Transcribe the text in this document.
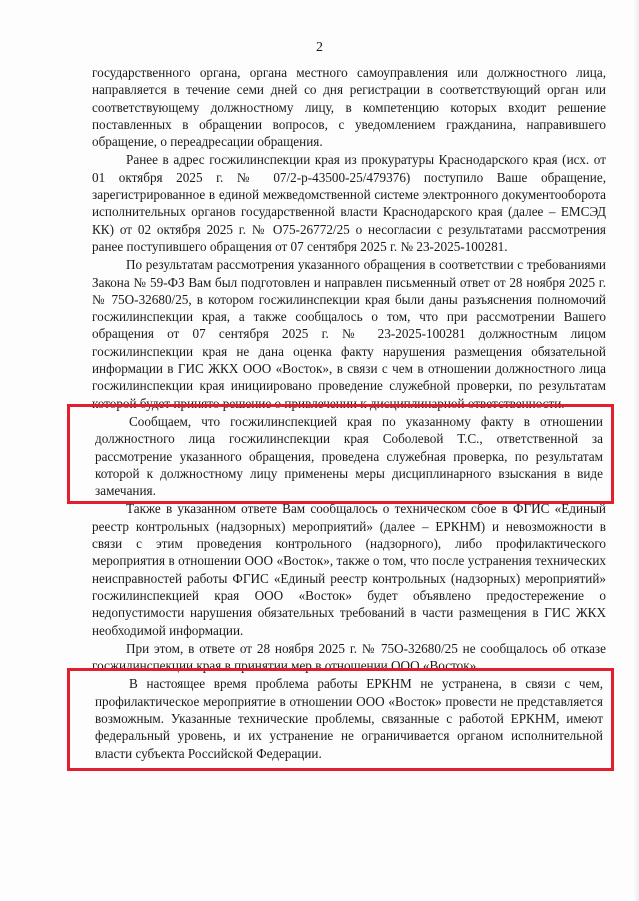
2

государственного органа, органа местного самоуправления или должностного лица, направляется в течение семи дней со дня регистрации в соответствующий орган или соответствующему должностному лицу, в компетенцию которых входит решение поставленных в обращении вопросов, с уведомлением гражданина, направившего обращение, о переадресации обращения.

Ранее в адрес госжилинспекции края из прокуратуры Краснодарского края (исх. от 01 октября 2025 г. № 07/2-р-43500-25/479376) поступило Ваше обращение, зарегистрированное в единой межведомственной системе электронного документооборота исполнительных органов государственной власти Краснодарского края (далее – ЕМСЭД КК) от 02 октября 2025 г. № О75-26772/25 о несогласии с результатами рассмотрения ранее поступившего обращения от 07 сентября 2025 г. № 23-2025-100281.

По результатам рассмотрения указанного обращения в соответствии с требованиями Закона № 59-ФЗ Вам был подготовлен и направлен письменный ответ от 28 ноября 2025 г. № 75О-32680/25, в котором госжилинспекции края были даны разъяснения полномочий госжилинспекции края, а также сообщалось о том, что при рассмотрении Вашего обращения от 07 сентября 2025 г. № 23-2025-100281 должностным лицом госжилинспекции края не дана оценка факту нарушения размещения обязательной информации в ГИС ЖКХ ООО «Восток», в связи с чем в отношении должностного лица госжилинспекции края инициировано проведение служебной проверки, по результатам которой будет принято решение о привлечении к дисциплинарной ответственности.

Сообщаем, что госжилинспекцией края по указанному факту в отношении должностного лица госжилинспекции края Соболевой Т.С., ответственной за рассмотрение указанного обращения, проведена служебная проверка, по результатам которой к должностному лицу применены меры дисциплинарного взыскания в виде замечания.

Также в указанном ответе Вам сообщалось о техническом сбое в ФГИС «Единый реестр контрольных (надзорных) мероприятий» (далее – ЕРКНМ) и невозможности в связи с этим проведения контрольного (надзорного), либо профилактического мероприятия в отношении ООО «Восток», также о том, что после устранения технических неисправностей работы ФГИС «Единый реестр контрольных (надзорных) мероприятий» госжилинспекцией края ООО «Восток» будет объявлено предостережение о недопустимости нарушения обязательных требований в части размещения в ГИС ЖКХ необходимой информации.

При этом, в ответе от 28 ноября 2025 г. № 75О-32680/25 не сообщалось об отказе госжилинспекции края в принятии мер в отношении ООО «Восток».

В настоящее время проблема работы ЕРКНМ не устранена, в связи с чем, профилактическое мероприятие в отношении ООО «Восток» провести не представляется возможным. Указанные технические проблемы, связанные с работой ЕРКНМ, имеют федеральный уровень, и их устранение не ограничивается органом исполнительной власти субъекта Российской Федерации.
